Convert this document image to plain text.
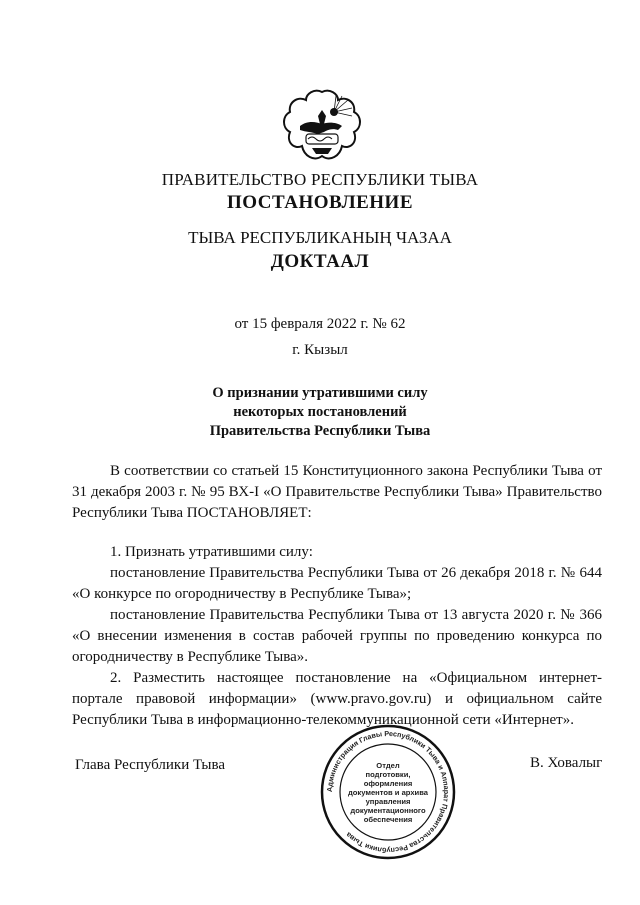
ПРАВИТЕЛЬСТВО РЕСПУБЛИКИ ТЫВА
ПОСТАНОВЛЕНИЕ
ТЫВА РЕСПУБЛИКАНЫҢ ЧАЗАА
ДОКТААЛ
от 15 февраля 2022 г. № 62
г. Кызыл
О признании утратившими силу
некоторых постановлений
Правительства Республики Тыва

В соответствии со статьей 15 Конституционного закона Республики Тыва от 31 декабря 2003 г. № 95 ВХ-I «О Правительстве Республики Тыва» Правительство Республики Тыва ПОСТАНОВЛЯЕТ:

1. Признать утратившими силу:

постановление Правительства Республики Тыва от 26 декабря 2018 г. № 644 «О конкурсе по огородничеству в Республике Тыва»;

постановление Правительства Республики Тыва от 13 августа 2020 г. № 366 «О внесении изменения в состав рабочей группы по проведению конкурса по огородничеству в Республике Тыва».

2. Разместить настоящее постановление на «Официальном интернет-портале правовой информации» (www.pravo.gov.ru) и официальном сайте Республики Тыва в информационно-телекоммуникационной сети «Интернет».

Глава Республики Тыва	В. Ховалыг
Администрация Главы Республики Тыва и Аппарат Правительства Республики Тыва
Отдел
подготовки,
оформления
документов и архива
управления
документационного
обеспечения
